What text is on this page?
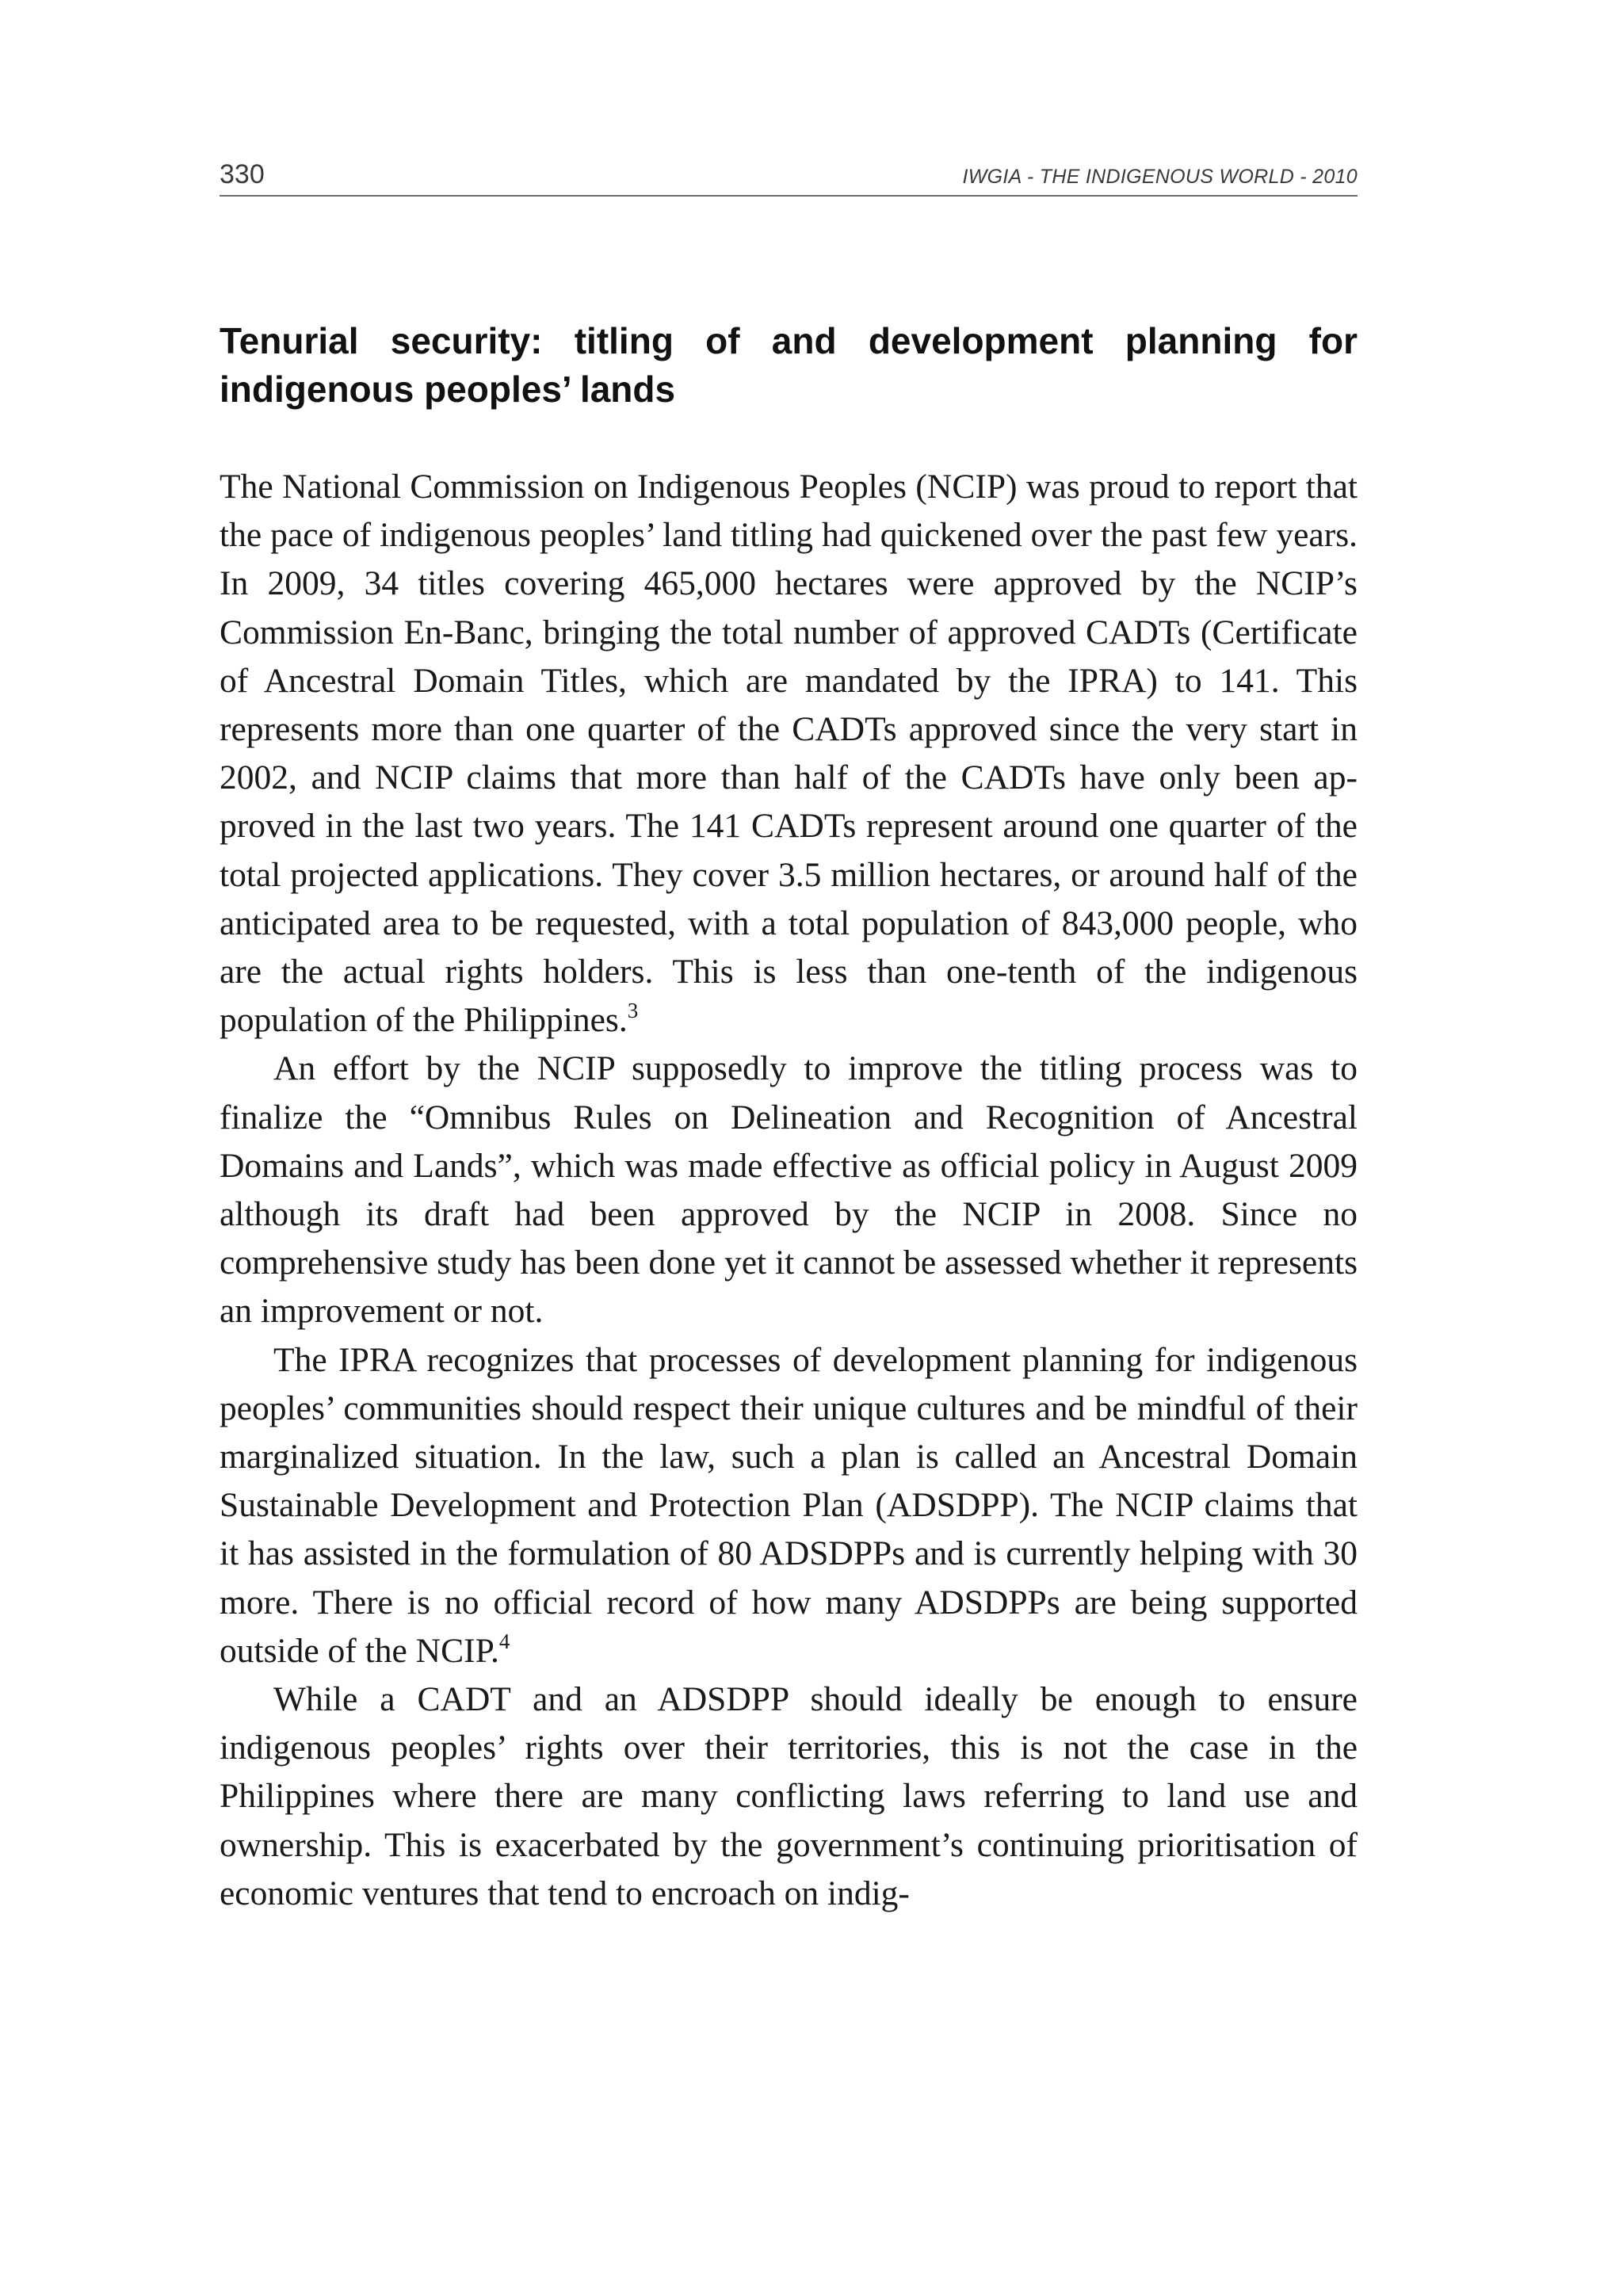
330	IWGIA - THE INDIGENOUS WORLD - 2010
Tenurial security: titling of and development planning for indigenous peoples’ lands

The National Commission on Indigenous Peoples (NCIP) was proud to report that the pace of indigenous peoples’ land titling had quickened over the past few years. In 2009, 34 titles covering 465,000 hectares were approved by the NCIP’s Commission En-Banc, bringing the total number of approved CADTs (Certificate of Ancestral Domain Titles, which are mandated by the IPRA) to 141. This represents more than one quarter of the CADTs approved since the very start in 2002, and NCIP claims that more than half of the CADTs have only been approved in the last two years. The 141 CADTs represent around one quarter of the total projected applications. They cover 3.5 million hectares, or around half of the anticipated area to be requested, with a total population of 843,000 people, who are the actual rights holders. This is less than one-tenth of the indigenous population of the Philippines.$^3$

An effort by the NCIP supposedly to improve the titling process was to finalize the “Omnibus Rules on Delineation and Recognition of Ancestral Domains and Lands”, which was made effective as official policy in August 2009 although its draft had been approved by the NCIP in 2008. Since no comprehensive study has been done yet it cannot be assessed whether it represents an improvement or not.

The IPRA recognizes that processes of development planning for indigenous peoples’ communities should respect their unique cultures and be mindful of their marginalized situation. In the law, such a plan is called an Ancestral Domain Sustainable Development and Protection Plan (ADSDPP). The NCIP claims that it has assisted in the formulation of 80 ADSDPPs and is currently helping with 30 more. There is no official record of how many ADSDPPs are being supported outside of the NCIP.$^4$

While a CADT and an ADSDPP should ideally be enough to ensure indigenous peoples’ rights over their territories, this is not the case in the Philippines where there are many conflicting laws referring to land use and ownership. This is exacerbated by the government’s continuing prioritisation of economic ventures that tend to encroach on indig-
